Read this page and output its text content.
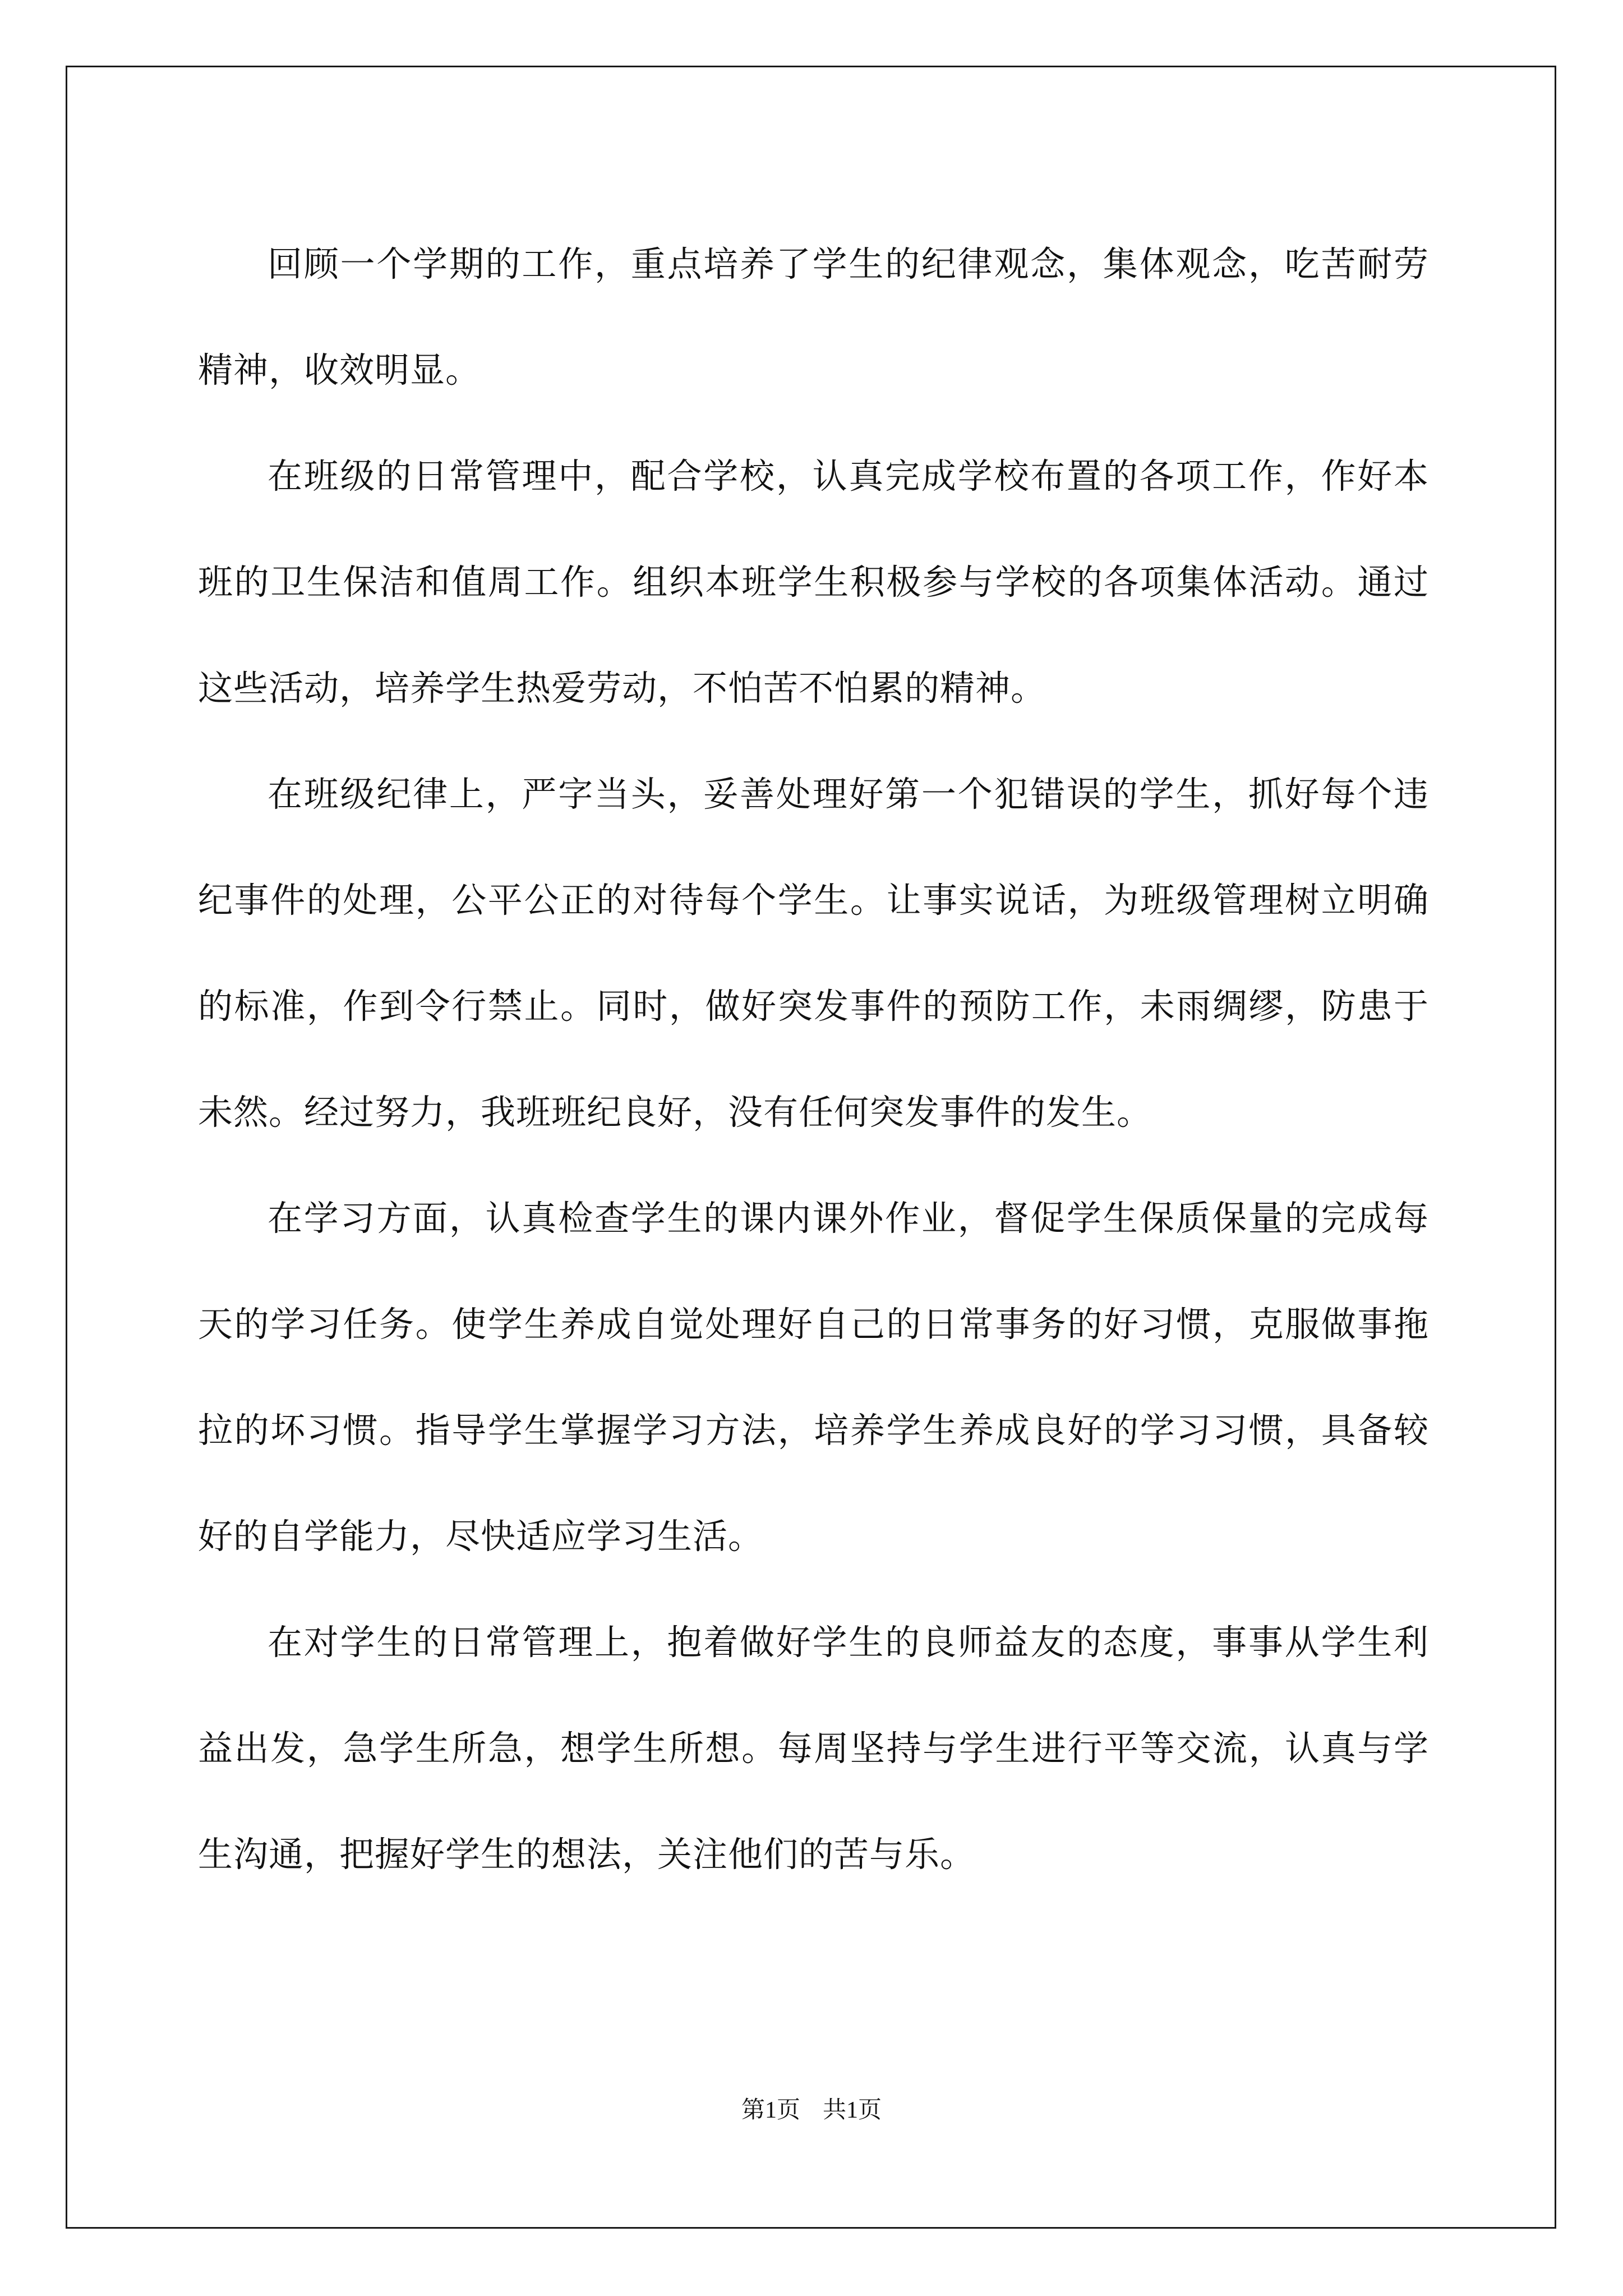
回顾一个学期的工作，重点培养了学生的纪律观念，集体观念，吃苦耐劳精神，收效明显。

在班级的日常管理中，配合学校，认真完成学校布置的各项工作，作好本班的卫生保洁和值周工作。组织本班学生积极参与学校的各项集体活动。通过这些活动，培养学生热爱劳动，不怕苦不怕累的精神。

在班级纪律上，严字当头，妥善处理好第一个犯错误的学生，抓好每个违纪事件的处理，公平公正的对待每个学生。让事实说话，为班级管理树立明确的标准，作到令行禁止。同时，做好突发事件的预防工作，未雨绸缪，防患于未然。经过努力，我班班纪良好，没有任何突发事件的发生。

在学习方面，认真检查学生的课内课外作业，督促学生保质保量的完成每天的学习任务。使学生养成自觉处理好自己的日常事务的好习惯，克服做事拖拉的坏习惯。指导学生掌握学习方法，培养学生养成良好的学习习惯，具备较好的自学能力，尽快适应学习生活。

在对学生的日常管理上，抱着做好学生的良师益友的态度，事事从学生利益出发，急学生所急，想学生所想。每周坚持与学生进行平等交流，认真与学生沟通，把握好学生的想法，关注他们的苦与乐。

第1页 共1页
